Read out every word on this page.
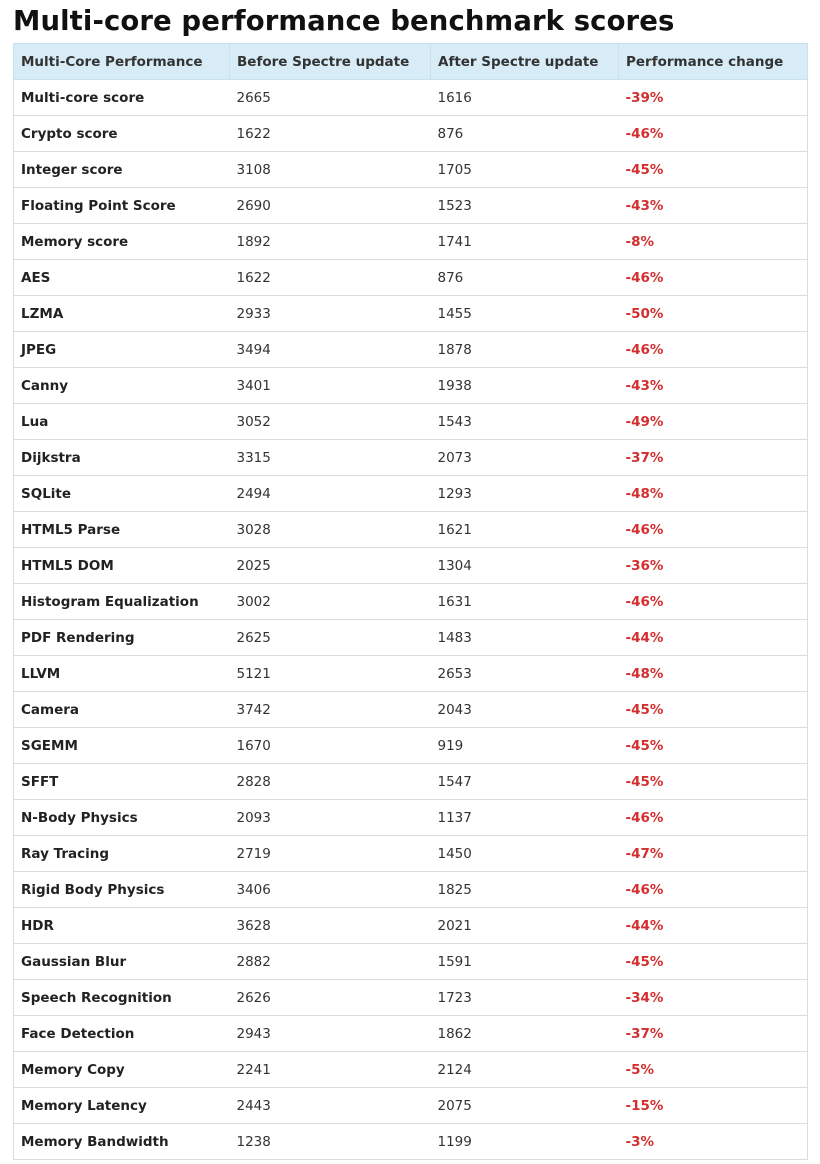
Multi-core performance benchmark scores
Multi-Core Performance	Before Spectre update	After Spectre update	Performance change
Multi-core score	2665	1616	-39%
Crypto score	1622	876	-46%
Integer score	3108	1705	-45%
Floating Point Score	2690	1523	-43%
Memory score	1892	1741	-8%
AES	1622	876	-46%
LZMA	2933	1455	-50%
JPEG	3494	1878	-46%
Canny	3401	1938	-43%
Lua	3052	1543	-49%
Dijkstra	3315	2073	-37%
SQLite	2494	1293	-48%
HTML5 Parse	3028	1621	-46%
HTML5 DOM	2025	1304	-36%
Histogram Equalization	3002	1631	-46%
PDF Rendering	2625	1483	-44%
LLVM	5121	2653	-48%
Camera	3742	2043	-45%
SGEMM	1670	919	-45%
SFFT	2828	1547	-45%
N-Body Physics	2093	1137	-46%
Ray Tracing	2719	1450	-47%
Rigid Body Physics	3406	1825	-46%
HDR	3628	2021	-44%
Gaussian Blur	2882	1591	-45%
Speech Recognition	2626	1723	-34%
Face Detection	2943	1862	-37%
Memory Copy	2241	2124	-5%
Memory Latency	2443	2075	-15%
Memory Bandwidth	1238	1199	-3%
